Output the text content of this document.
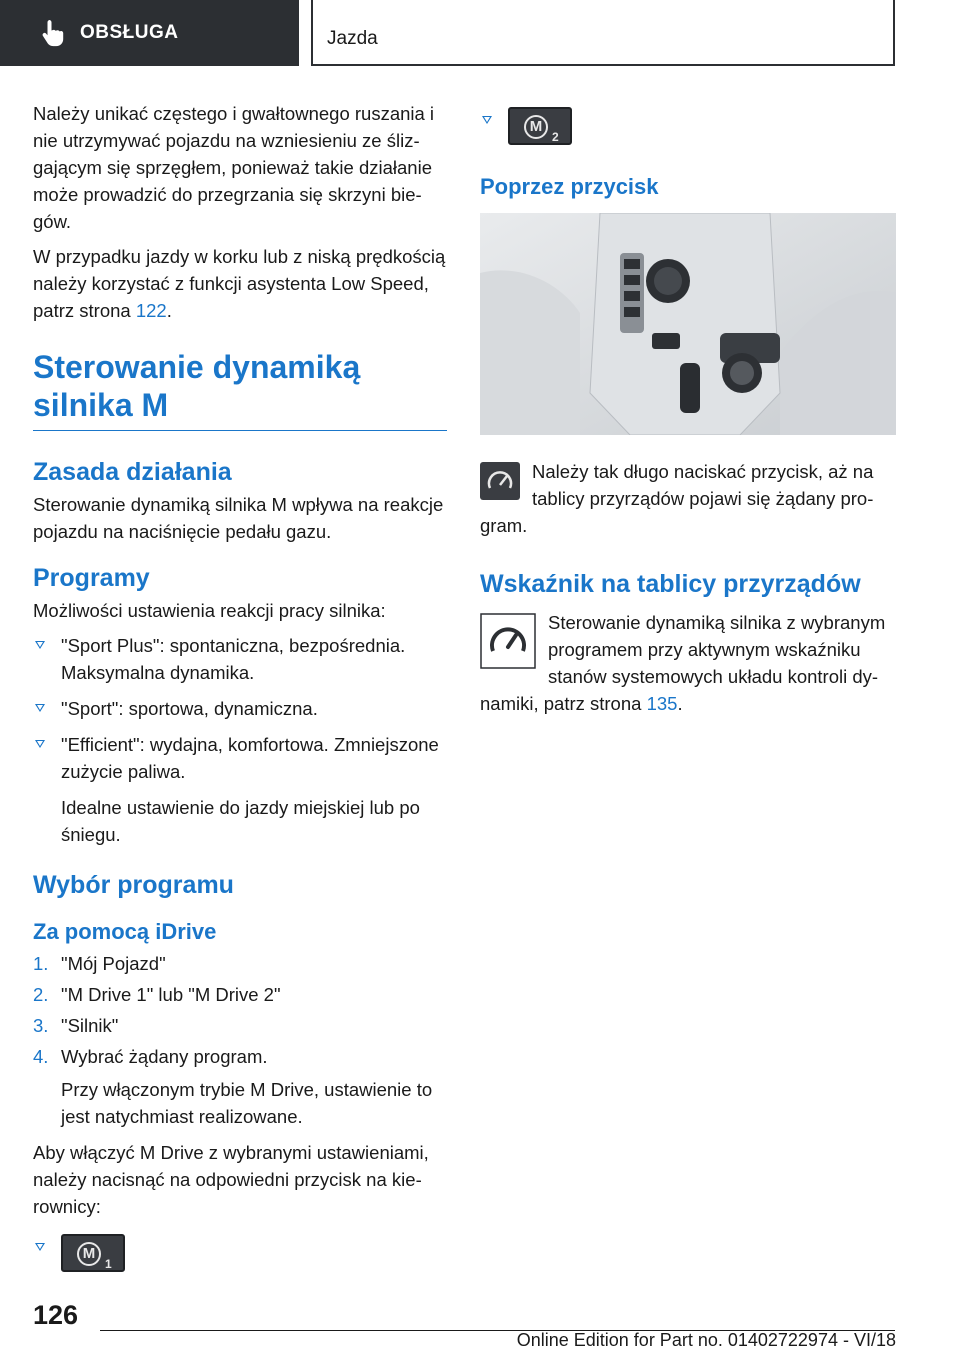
OBSŁUGA	Jazda

Należy unikać częstego i gwałtownego ruszania i nie utrzymywać pojazdu na wzniesieniu ze ślizgającym się sprzęgłem, ponieważ takie działanie może prowadzić do przegrzania się skrzyni biegów.

W przypadku jazdy w korku lub z niską prędkością należy korzystać z funkcji asystenta Low Speed, patrz strona 122.

Sterowanie dynamiką silnika M
Zasada działania

Sterowanie dynamiką silnika M wpływa na reakcje pojazdu na naciśnięcie pedału gazu.

Programy

Możliwości ustawienia reakcji pracy silnika:

"Sport Plus": spontaniczna, bezpośrednia. Maksymalna dynamika.
"Sport": sportowa, dynamiczna.
"Efficient": wydajna, komfortowa. Zmniejszone zużycie paliwa.
Idealne ustawienie do jazdy miejskiej lub po śniegu.
Wybór programu
Za pomocą iDrive
1. "Mój Pojazd"
2. "M Drive 1" lub "M Drive 2"
3. "Silnik"
4. Wybrać żądany program.
Przy włączonym trybie M Drive, ustawienie to jest natychmiast realizowane.

Aby włączyć M Drive z wybranymi ustawieniami, należy nacisnąć na odpowiedni przycisk na kierownicy:

M
1
M
2
Poprzez przycisk
Należy tak długo naciskać przycisk, aż na tablicy przyrządów pojawi się żądany program.
Wskaźnik na tablicy przyrządów
Sterowanie dynamiką silnika z wybranym programem przy aktywnym wskaźniku stanów systemowych układu kontroli dynamiki, patrz strona 135.
126
Online Edition for Part no. 01402722974 - VI/18
